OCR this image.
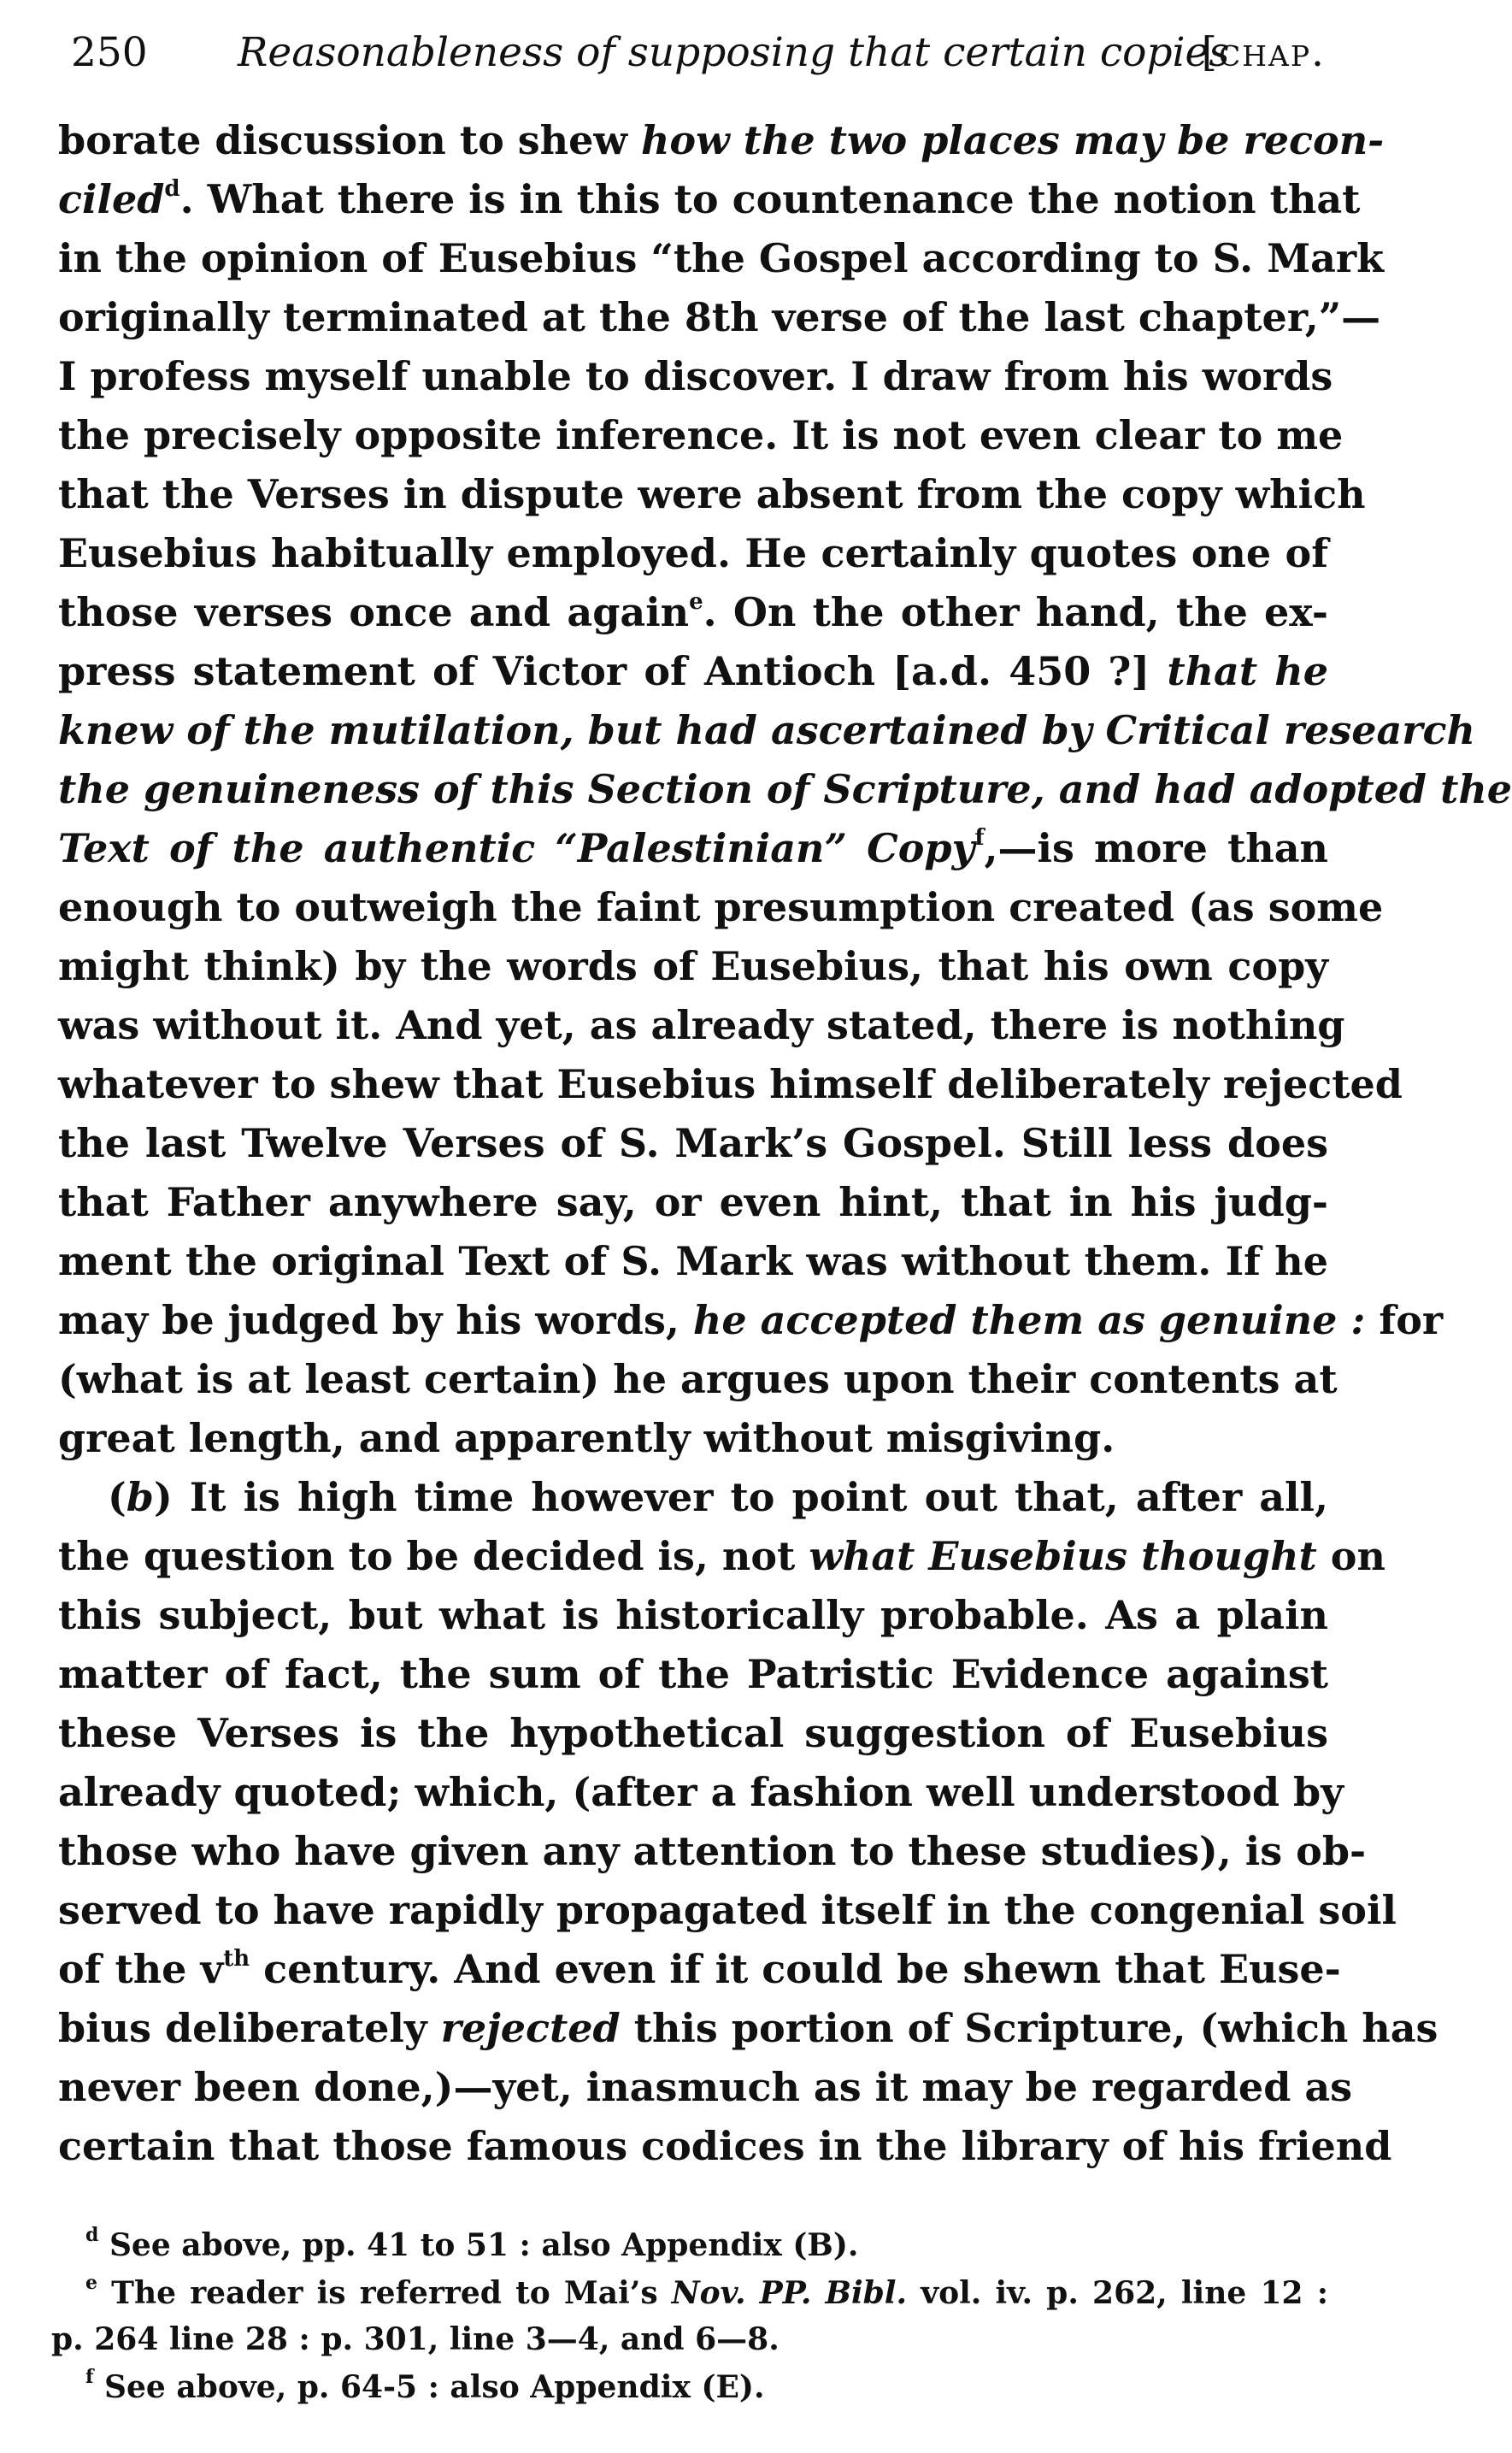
250 Reasonableness of supposing that certain copies
[chap.
borate discussion to shew how the two places may be recon-
ciled$^d$. What there is in this to countenance the notion that
in the opinion of Eusebius “the Gospel according to S. Mark
originally terminated at the 8th verse of the last chapter,”—
I profess myself unable to discover. I draw from his words
the precisely opposite inference. It is not even clear to me
that the Verses in dispute were absent from the copy which
Eusebius habitually employed. He certainly quotes one of
those verses once and again$^e$. On the other hand, the ex-
press statement of Victor of Antioch [a.d. 450 ?] that he
knew of the mutilation, but had ascertained by Critical research
the genuineness of this Section of Scripture, and had adopted the
Text of the authentic “Palestinian” Copy$^f$,—is more than
enough to outweigh the faint presumption created (as some
might think) by the words of Eusebius, that his own copy
was without it. And yet, as already stated, there is nothing
whatever to shew that Eusebius himself deliberately rejected
the last Twelve Verses of S. Mark’s Gospel. Still less does
that Father anywhere say, or even hint, that in his judg-
ment the original Text of S. Mark was without them. If he
may be judged by his words, he accepted them as genuine : for
(what is at least certain) he argues upon their contents at
great length, and apparently without misgiving.
(b) It is high time however to point out that, after all,
the question to be decided is, not what Eusebius thought on
this subject, but what is historically probable. As a plain
matter of fact, the sum of the Patristic Evidence against
these Verses is the hypothetical suggestion of Eusebius
already quoted; which, (after a fashion well understood by
those who have given any attention to these studies), is ob-
served to have rapidly propagated itself in the congenial soil
of the $v^{th}$ century. And even if it could be shewn that Euse-
bius deliberately rejected this portion of Scripture, (which has
never been done,)—yet, inasmuch as it may be regarded as
certain that those famous codices in the library of his friend
$^d$ See above, pp. 41 to 51 : also Appendix (B).
$^e$ The reader is referred to Mai’s Nov. PP. Bibl. vol. iv. p. 262, line 12 :
p. 264 line 28 : p. 301, line 3—4, and 6—8.
$^f$ See above, p. 64-5 : also Appendix (E).
